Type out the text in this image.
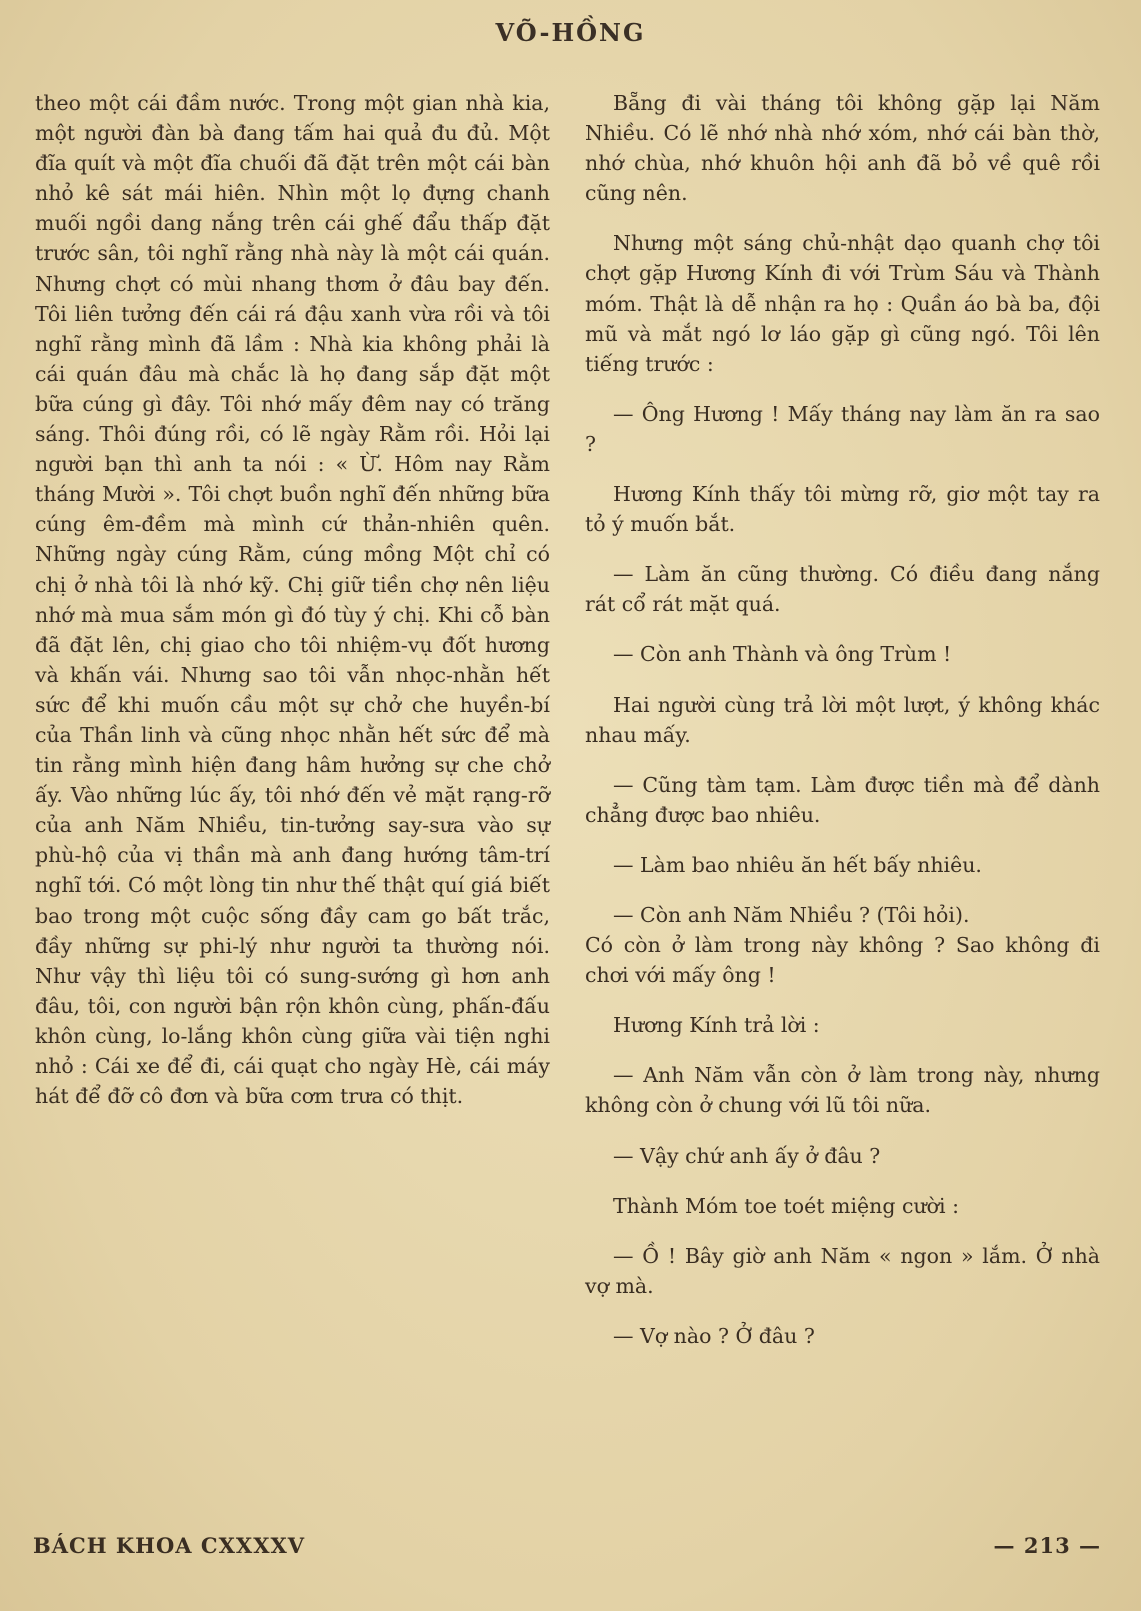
VÕ-HỒNG

theo một cái đầm nước. Trong một gian nhà kia, một người đàn bà đang tấm hai quả đu đủ. Một đĩa quít và một đĩa chuối đã đặt trên một cái bàn nhỏ kê sát mái hiên. Nhìn một lọ đựng chanh muối ngồi dang nắng trên cái ghế đẩu thấp đặt trước sân, tôi nghĩ rằng nhà này là một cái quán. Nhưng chợt có mùi nhang thơm ở đâu bay đến. Tôi liên tưởng đến cái rá đậu xanh vừa rồi và tôi nghĩ rằng mình đã lầm : Nhà kia không phải là cái quán đâu mà chắc là họ đang sắp đặt một bữa cúng gì đây. Tôi nhớ mấy đêm nay có trăng sáng. Thôi đúng rồi, có lẽ ngày Rằm rồi. Hỏi lại người bạn thì anh ta nói : « Ừ. Hôm nay Rằm tháng Mười ». Tôi chợt buồn nghĩ đến những bữa cúng êm-đềm mà mình cứ thản-nhiên quên. Những ngày cúng Rằm, cúng mồng Một chỉ có chị ở nhà tôi là nhớ kỹ. Chị giữ tiền chợ nên liệu nhớ mà mua sắm món gì đó tùy ý chị. Khi cỗ bàn đã đặt lên, chị giao cho tôi nhiệm-vụ đốt hương và khấn vái. Nhưng sao tôi vẫn nhọc-nhằn hết sức để khi muốn cầu một sự chở che huyền-bí của Thần linh và cũng nhọc nhằn hết sức để mà tin rằng mình hiện đang hâm hưởng sự che chở ấy. Vào những lúc ấy, tôi nhớ đến vẻ mặt rạng-rỡ của anh Năm Nhiều, tin-tưởng say-sưa vào sự phù-hộ của vị thần mà anh đang hướng tâm-trí nghĩ tới. Có một lòng tin như thế thật quí giá biết bao trong một cuộc sống đầy cam go bất trắc, đầy những sự phi-lý như người ta thường nói. Như vậy thì liệu tôi có sung-sướng gì hơn anh đâu, tôi, con người bận rộn khôn cùng, phấn-đấu khôn cùng, lo-lắng khôn cùng giữa vài tiện nghi nhỏ : Cái xe để đi, cái quạt cho ngày Hè, cái máy hát để đỡ cô đơn và bữa cơm trưa có thịt.

Bẵng đi vài tháng tôi không gặp lại Năm Nhiều. Có lẽ nhớ nhà nhớ xóm, nhớ cái bàn thờ, nhớ chùa, nhớ khuôn hội anh đã bỏ về quê rồi cũng nên.

Nhưng một sáng chủ-nhật dạo quanh chợ tôi chợt gặp Hương Kính đi với Trùm Sáu và Thành móm. Thật là dễ nhận ra họ : Quần áo bà ba, đội mũ và mắt ngó lơ láo gặp gì cũng ngó. Tôi lên tiếng trước :

— Ông Hương ! Mấy tháng nay làm ăn ra sao ?

Hương Kính thấy tôi mừng rỡ, giơ một tay ra tỏ ý muốn bắt.

— Làm ăn cũng thường. Có điều đang nắng rát cổ rát mặt quá.

— Còn anh Thành và ông Trùm !

Hai người cùng trả lời một lượt, ý không khác nhau mấy.

— Cũng tàm tạm. Làm được tiền mà để dành chẳng được bao nhiêu.

— Làm bao nhiêu ăn hết bấy nhiêu.

— Còn anh Năm Nhiều ? (Tôi hỏi).

Có còn ở làm trong này không ? Sao không đi chơi với mấy ông !

Hương Kính trả lời :

— Anh Năm vẫn còn ở làm trong này, nhưng không còn ở chung với lũ tôi nữa.

— Vậy chứ anh ấy ở đâu ?

Thành Móm toe toét miệng cười :

— Ồ ! Bây giờ anh Năm « ngon » lắm. Ở nhà vợ mà.

— Vợ nào ? Ở đâu ?

BÁCH KHOA CXXXXV	— 213 —
